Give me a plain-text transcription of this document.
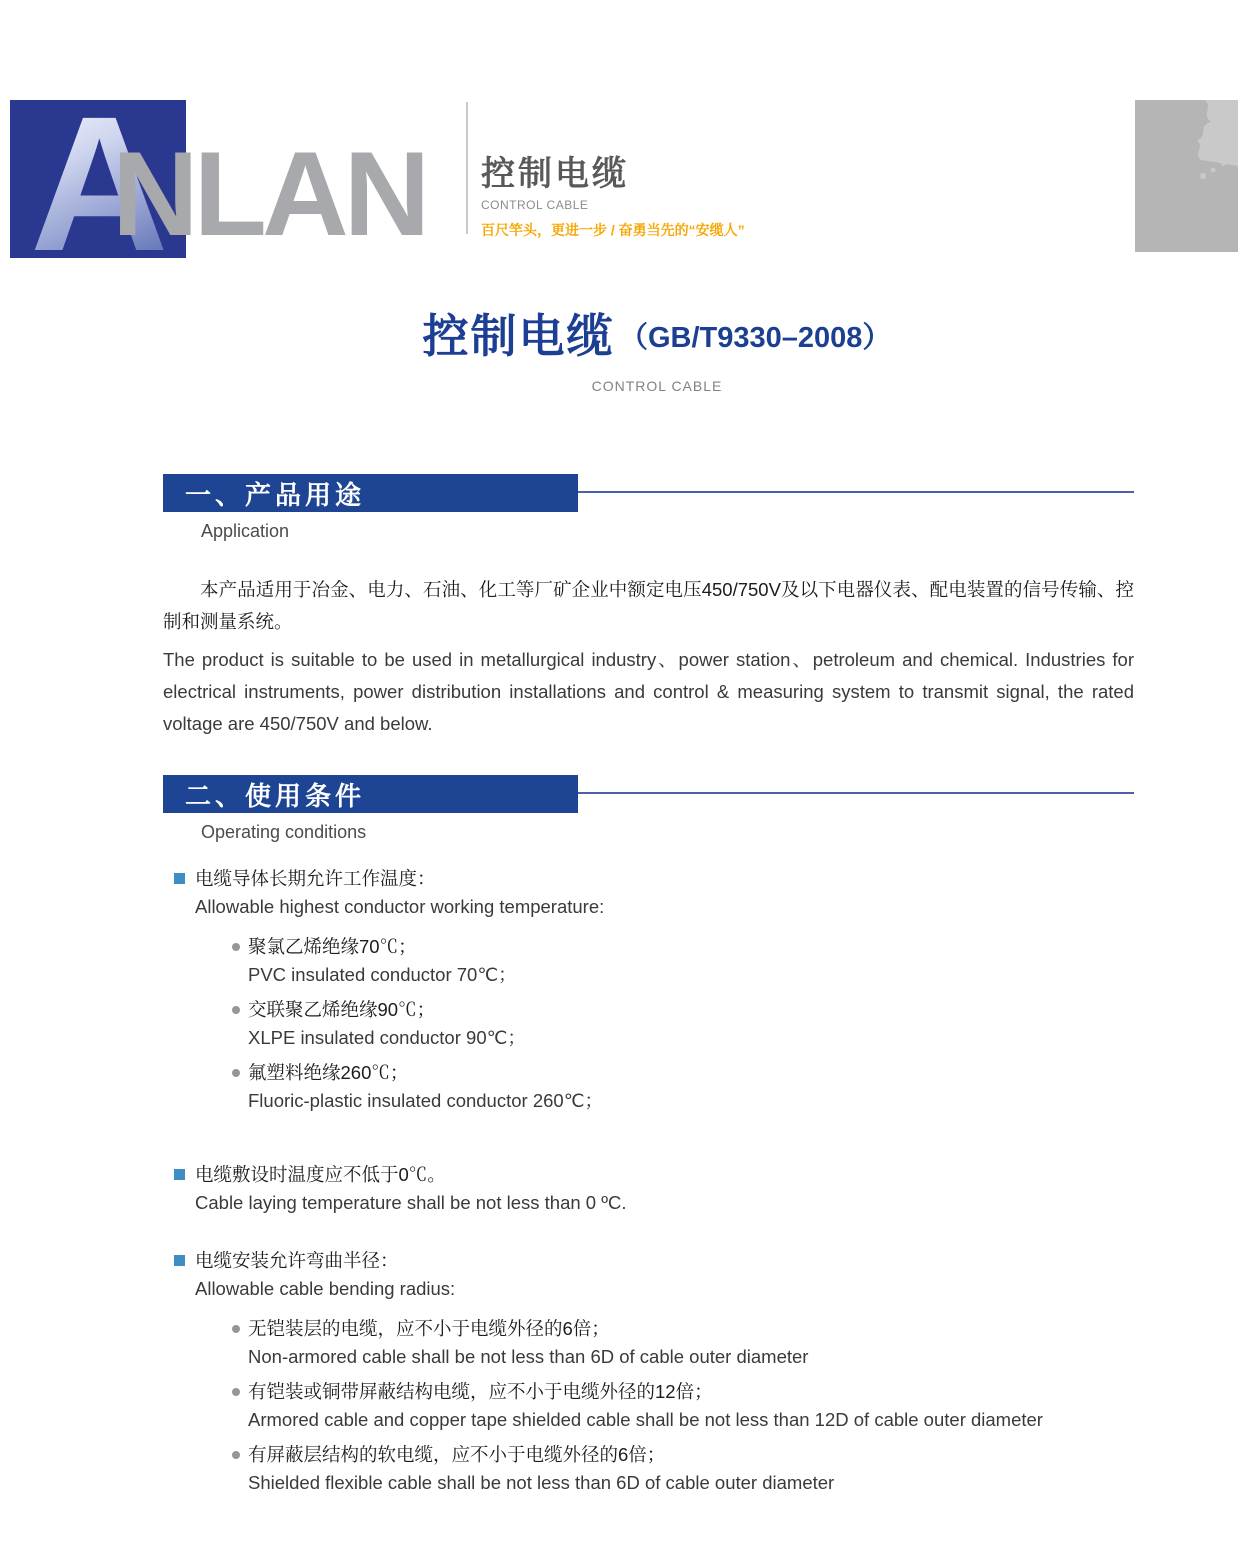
A
NLAN 控制电缆
CONTROL CABLE
百尺竿头，更进一步 / 奋勇当先的“安缆人”
控制电缆 （GB/T9330–2008）
CONTROL CABLE
一、产品用途
Application

本产品适用于冶金、电力、石油、化工等厂矿企业中额定电压450/750V及以下电器仪表、配电装置的信号传输、控制和测量系统。

The product is suitable to be used in metallurgical industry、power station、petroleum and chemical. Industries for electrical instruments, power distribution installations and control & measuring system to transmit signal, the rated voltage are 450/750V and below.

二、使用条件
Operating conditions
电缆导体长期允许工作温度：
Allowable highest conductor working temperature:
聚氯乙烯绝缘70℃；
PVC insulated conductor 70℃；
交联聚乙烯绝缘90℃；
XLPE insulated conductor 90℃；
氟塑料绝缘260℃；
Fluoric-plastic insulated conductor 260℃；
电缆敷设时温度应不低于0℃。
Cable laying temperature shall be not less than 0 ºC.
电缆安装允许弯曲半径：
Allowable cable bending radius:
无铠装层的电缆，应不小于电缆外径的6倍；
Non-armored cable shall be not less than 6D of cable outer diameter
有铠装或铜带屏蔽结构电缆，应不小于电缆外径的12倍；
Armored cable and copper tape shielded cable shall be not less than 12D of cable outer diameter
有屏蔽层结构的软电缆，应不小于电缆外径的6倍；
Shielded flexible cable shall be not less than 6D of cable outer diameter
